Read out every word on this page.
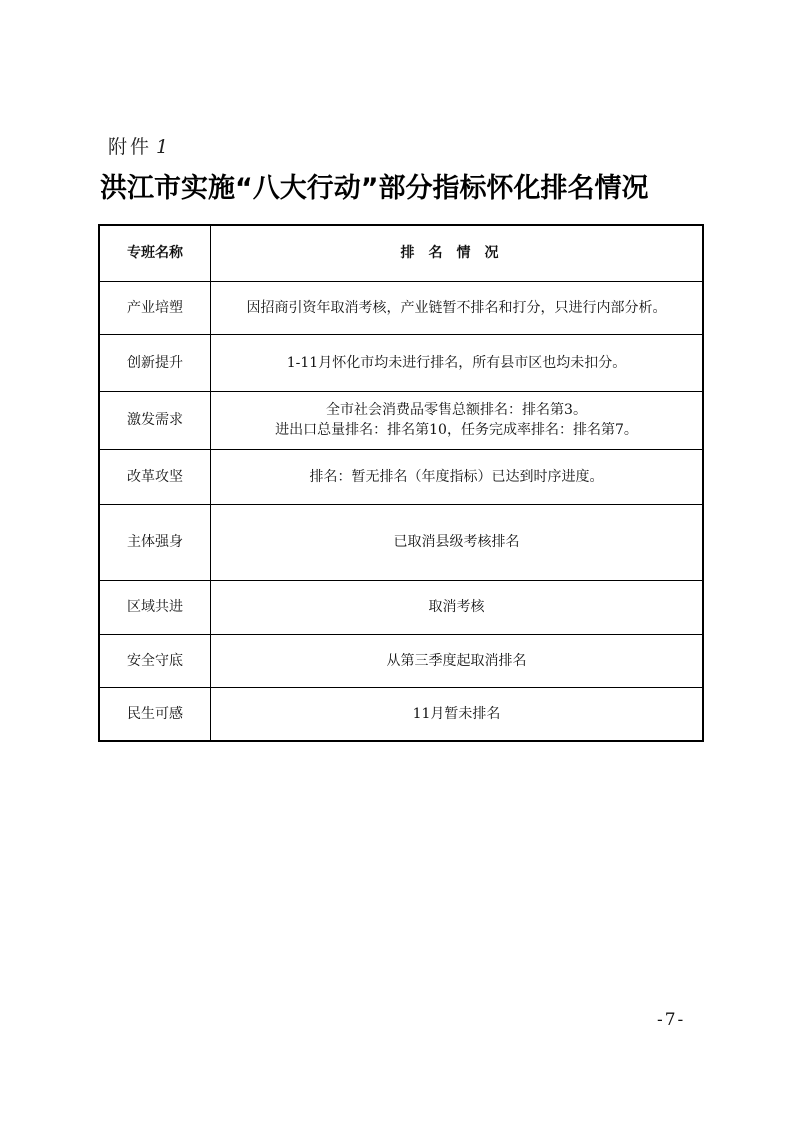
附件 1
洪江市实施“八大行动”部分指标怀化排名情况
专班名称	排名情况
产业培塑	因招商引资年取消考核，产业链暂不排名和打分，只进行内部分析。

创新提升	1-11月怀化市均未进行排名，所有县市区也均未扣分。

激发需求	全市社会消费品零售总额排名：排名第3。
进出口总量排名：排名第10，任务完成率排名：排名第7。

改革攻坚	排名：暂无排名（年度指标）已达到时序进度。

主体强身	已取消县级考核排名

区域共进	取消考核

安全守底	从第三季度起取消排名

民生可感	11月暂未排名
-7-
